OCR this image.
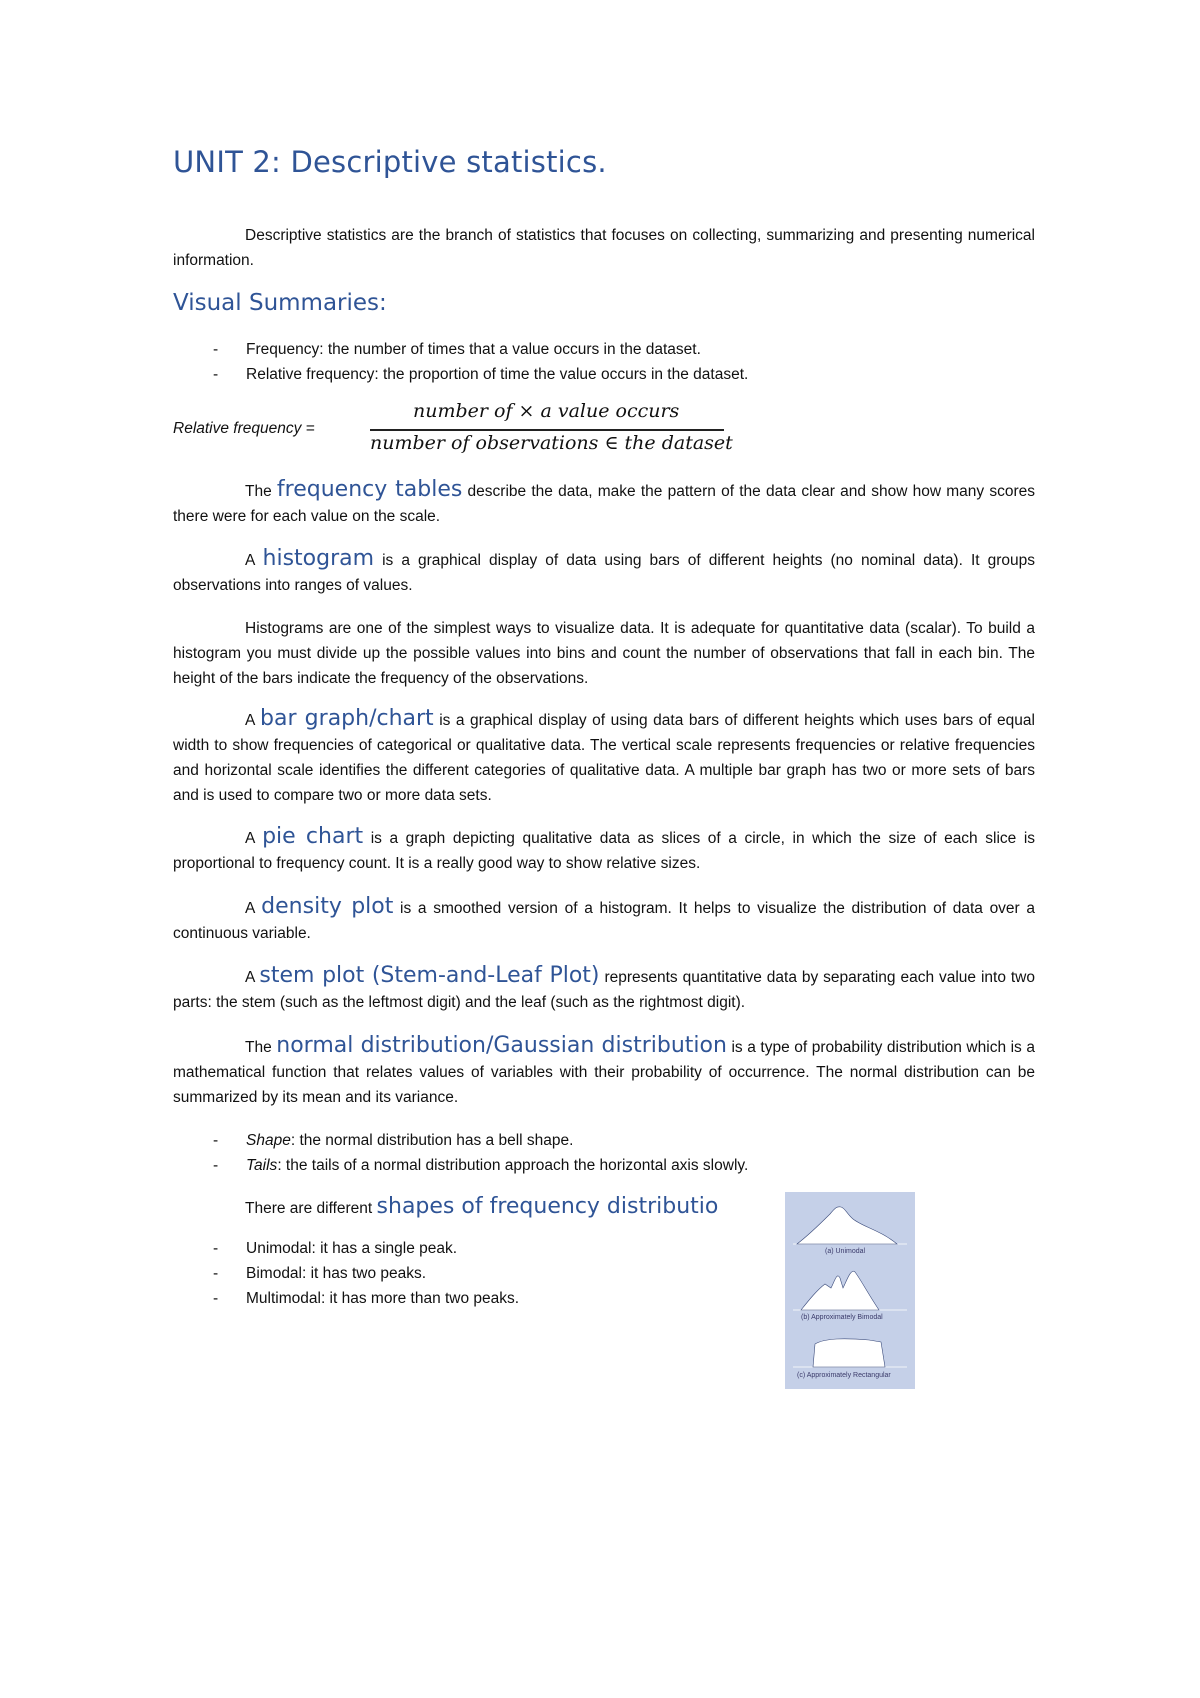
UNIT 2: Descriptive statistics.

Descriptive statistics are the branch of statistics that focuses on collecting, summarizing and presenting numerical information.

Visual Summaries:
- Frequency: the number of times that a value occurs in the dataset.
- Relative frequency: the proportion of time the value occurs in the dataset.
Relative frequency =
number of × a value occurs
number of observations ∈ the dataset

The frequency tables describe the data, make the pattern of the data clear and show how many scores there were for each value on the scale.

A histogram is a graphical display of data using bars of different heights (no nominal data). It groups observations into ranges of values.

Histograms are one of the simplest ways to visualize data. It is adequate for quantitative data (scalar). To build a histogram you must divide up the possible values into bins and count the number of observations that fall in each bin. The height of the bars indicate the frequency of the observations.

A bar graph/chart is a graphical display of using data bars of different heights which uses bars of equal width to show frequencies of categorical or qualitative data. The vertical scale represents frequencies or relative frequencies and horizontal scale identifies the different categories of qualitative data. A multiple bar graph has two or more sets of bars and is used to compare two or more data sets.

A pie chart is a graph depicting qualitative data as slices of a circle, in which the size of each slice is proportional to frequency count. It is a really good way to show relative sizes.

A density plot is a smoothed version of a histogram. It helps to visualize the distribution of data over a continuous variable.

A stem plot (Stem-and-Leaf Plot) represents quantitative data by separating each value into two parts: the stem (such as the leftmost digit) and the leaf (such as the rightmost digit).

The normal distribution/Gaussian distribution is a type of probability distribution which is a mathematical function that relates values of variables with their probability of occurrence. The normal distribution can be summarized by its mean and its variance.

- Shape: the normal distribution has a bell shape.
- Tails: the tails of a normal distribution approach the horizontal axis slowly.

There are different shapes of frequency distributio

- Unimodal: it has a single peak.
- Bimodal: it has two peaks.
- Multimodal: it has more than two peaks.
(a) Unimodal
(b) Approximately Bimodal
(c) Approximately Rectangular
